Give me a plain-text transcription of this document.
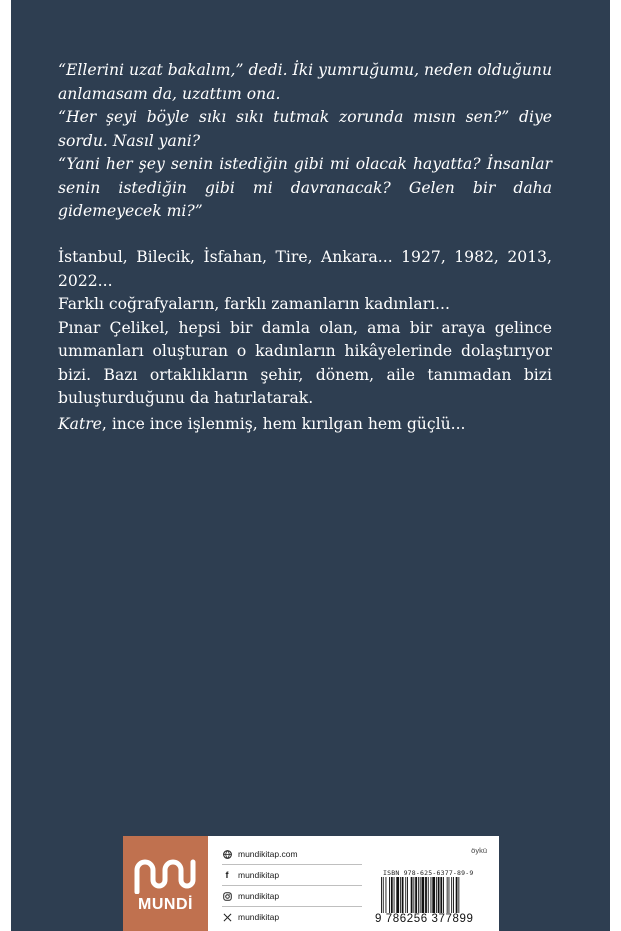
“Ellerini uzat bakalım,” dedi. İki yumruğumu, neden olduğunu anlamasam da, uzattım ona.

“Her şeyi böyle sıkı sıkı tutmak zorunda mısın sen?” diye sordu. Nasıl yani?

“Yani her şey senin istediğin gibi mi olacak hayatta? İnsanlar senin istediğin gibi mi davranacak? Gelen bir daha gidemeyecek mi?”

İstanbul, Bilecik, İsfahan, Tire, Ankara... 1927, 1982, 2013, 2022...

Farklı coğrafyaların, farklı zamanların kadınları...

Pınar Çelikel, hepsi bir damla olan, ama bir araya gelince ummanları oluşturan o kadınların hikâyelerinde dolaştırıyor bizi. Bazı ortaklıkların şehir, dönem, aile tanımadan bizi buluşturduğunu da hatırlatarak.

Katre, ince ince işlenmiş, hem kırılgan hem güçlü...
MUNDİ
mundikitap.com
f	mundikitap
mundikitap
mundikitap
öykü
ISBN 978-625-6377-89-9
9 786256 377899
